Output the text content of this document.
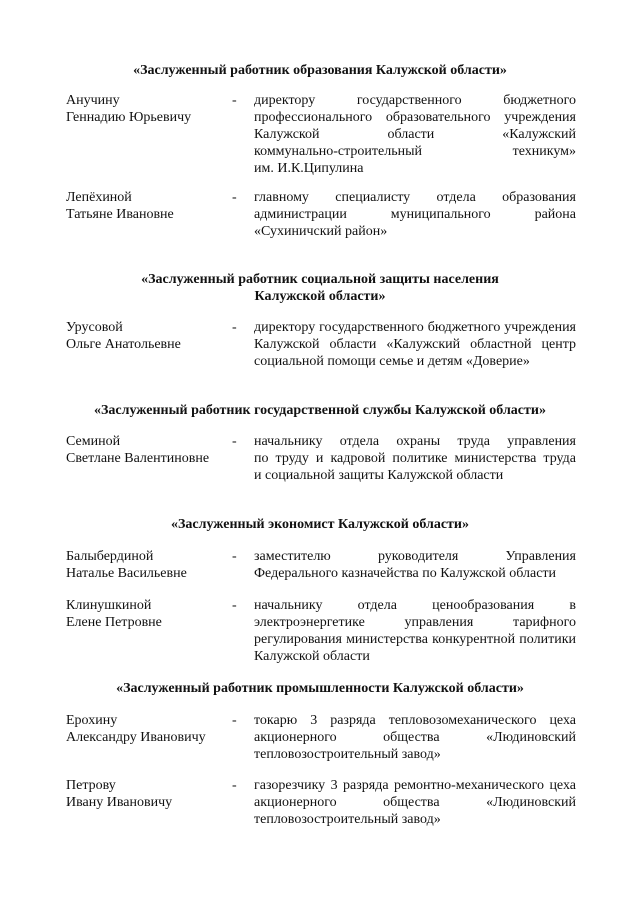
«Заслуженный работник образования Калужской области»
Анучину
Геннадию Юрьевичу
- директору государственного бюджетного
профессионального образовательного учреждения
Калужской области «Калужский
коммунально-строительный техникум»
им. И.К.Ципулина
Лепёхиной
Татьяне Ивановне
- главному специалисту отдела образования
администрации муниципального района
«Сухиничский район»
«Заслуженный работник социальной защиты населения
Калужской области»
Урусовой
Ольге Анатольевне
- директору государственного бюджетного учреждения
Калужской области «Калужский областной центр
социальной помощи семье и детям «Доверие»
«Заслуженный работник государственной службы Калужской области»
Семиной
Светлане Валентиновне
- начальнику отдела охраны труда управления
по труду и кадровой политике министерства труда
и социальной защиты Калужской области
«Заслуженный экономист Калужской области»
Балыбердиной
Наталье Васильевне
- заместителю руководителя Управления
Федерального казначейства по Калужской области
Клинушкиной
Елене Петровне
- начальнику отдела ценообразования в
электроэнергетике управления тарифного
регулирования министерства конкурентной политики
Калужской области
«Заслуженный работник промышленности Калужской области»
Ерохину
Александру Ивановичу
- токарю 3 разряда тепловозомеханического цеха
акционерного общества «Людиновский
тепловозостроительный завод»
Петрову
Ивану Ивановичу
- газорезчику 3 разряда ремонтно-механического цеха
акционерного общества «Людиновский
тепловозостроительный завод»
